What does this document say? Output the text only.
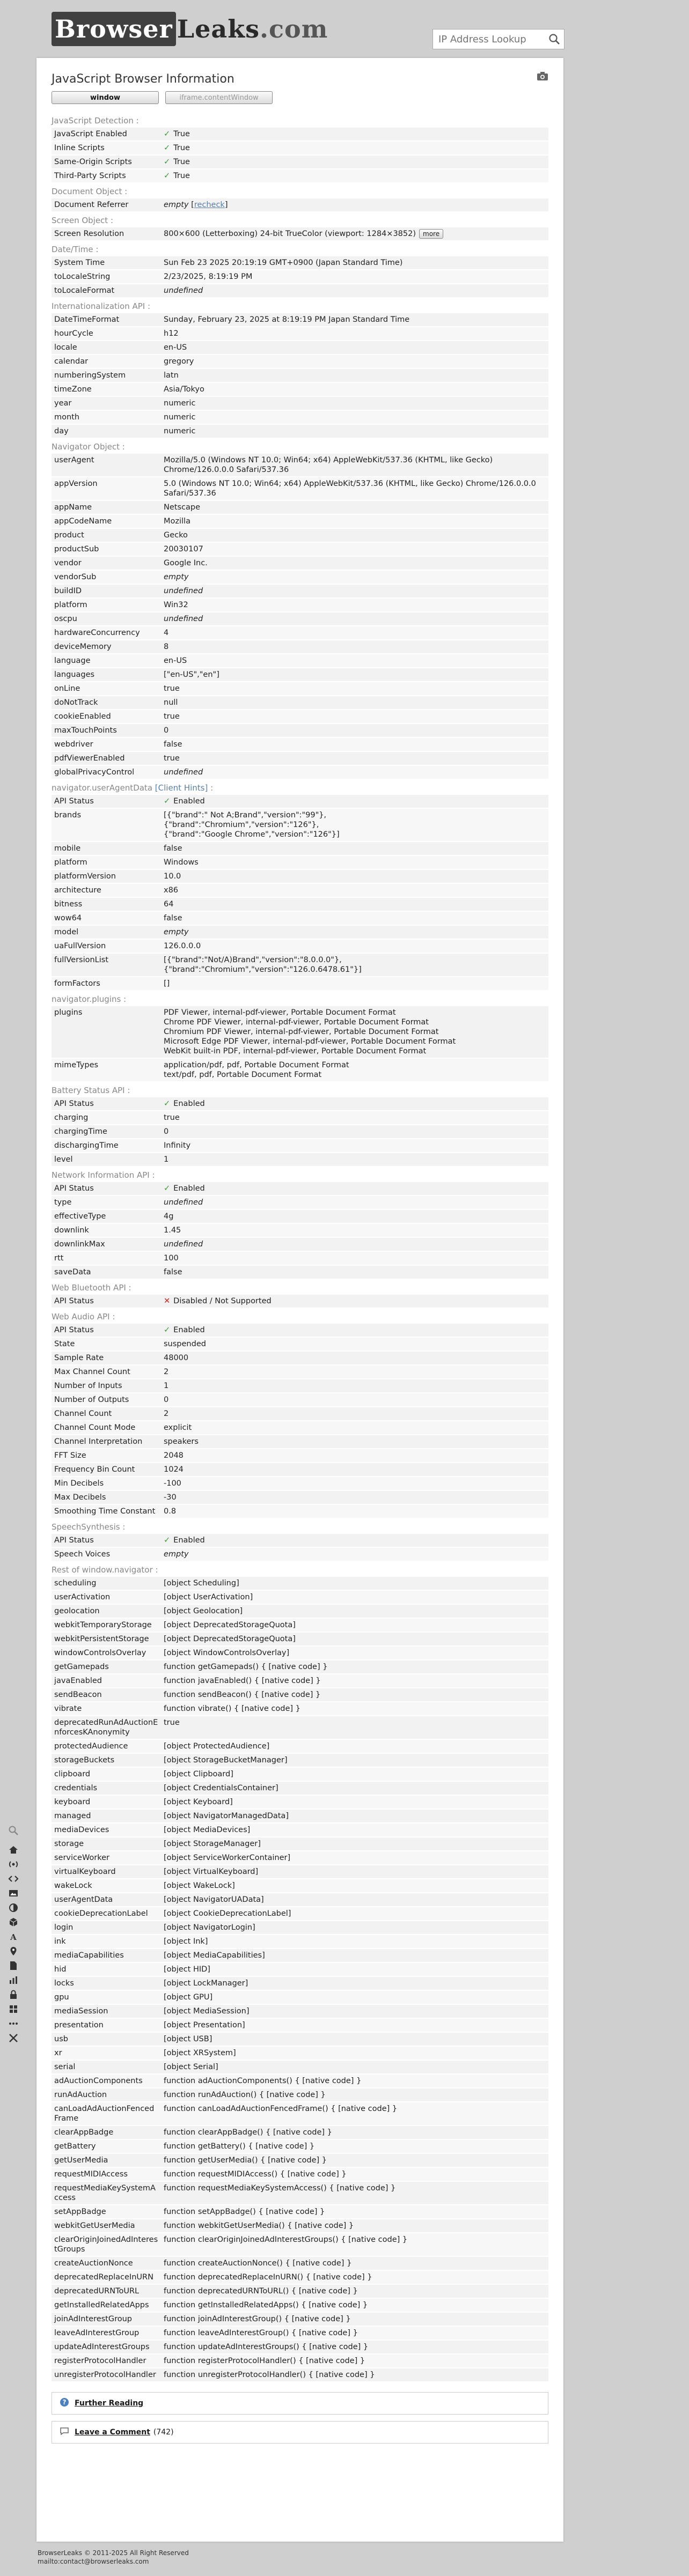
Browser Leaks.com
IP Address Lookup
JavaScript Browser Information
window	iframe.contentWindow
JavaScript Detection :
JavaScript Enabled	✓ True
Inline Scripts	✓ True
Same-Origin Scripts	✓ True
Third-Party Scripts	✓ True
Document Object :
Document Referrer	empty [recheck]
Screen Object :
Screen Resolution	800×600 (Letterboxing) 24-bit TrueColor (viewport: 1284×3852) more
Date/Time :
System Time	Sun Feb 23 2025 20:19:19 GMT+0900 (Japan Standard Time)
toLocaleString	2/23/2025, 8:19:19 PM
toLocaleFormat	undefined
Internationalization API :
DateTimeFormat	Sunday, February 23, 2025 at 8:19:19 PM Japan Standard Time
hourCycle	h12
locale	en-US
calendar	gregory
numberingSystem	latn
timeZone	Asia/Tokyo
year	numeric
month	numeric
day	numeric
Navigator Object :
userAgent	Mozilla/5.0 (Windows NT 10.0; Win64; x64) AppleWebKit/537.36 (KHTML, like Gecko) Chrome/126.0.0.0 Safari/537.36
appVersion	5.0 (Windows NT 10.0; Win64; x64) AppleWebKit/537.36 (KHTML, like Gecko) Chrome/126.0.0.0 Safari/537.36
appName	Netscape
appCodeName	Mozilla
product	Gecko
productSub	20030107
vendor	Google Inc.
vendorSub	empty
buildID	undefined
platform	Win32
oscpu	undefined
hardwareConcurrency	4
deviceMemory	8
language	en-US
languages	["en-US","en"]
onLine	true
doNotTrack	null
cookieEnabled	true
maxTouchPoints	0
webdriver	false
pdfViewerEnabled	true
globalPrivacyControl	undefined
navigator.userAgentData [Client Hints] :
API Status	✓ Enabled
brands	[{"brand":" Not A;Brand","version":"99"},
{"brand":"Chromium","version":"126"},
{"brand":"Google Chrome","version":"126"}]
mobile	false
platform	Windows
platformVersion	10.0
architecture	x86
bitness	64
wow64	false
model	empty
uaFullVersion	126.0.0.0
fullVersionList	[{"brand":"Not/A)Brand","version":"8.0.0.0"},
{"brand":"Chromium","version":"126.0.6478.61"}]
formFactors	[]
navigator.plugins :
plugins	PDF Viewer, internal-pdf-viewer, Portable Document Format
Chrome PDF Viewer, internal-pdf-viewer, Portable Document Format
Chromium PDF Viewer, internal-pdf-viewer, Portable Document Format
Microsoft Edge PDF Viewer, internal-pdf-viewer, Portable Document Format
WebKit built-in PDF, internal-pdf-viewer, Portable Document Format
mimeTypes	application/pdf, pdf, Portable Document Format
text/pdf, pdf, Portable Document Format
Battery Status API :
API Status	✓ Enabled
charging	true
chargingTime	0
dischargingTime	Infinity
level	1
Network Information API :
API Status	✓ Enabled
type	undefined
effectiveType	4g
downlink	1.45
downlinkMax	undefined
rtt	100
saveData	false
Web Bluetooth API :
API Status	✕ Disabled / Not Supported
Web Audio API :
API Status	✓ Enabled
State	suspended
Sample Rate	48000
Max Channel Count	2
Number of Inputs	1
Number of Outputs	0
Channel Count	2
Channel Count Mode	explicit
Channel Interpretation	speakers
FFT Size	2048
Frequency Bin Count	1024
Min Decibels	-100
Max Decibels	-30
Smoothing Time Constant	0.8
SpeechSynthesis :
API Status	✓ Enabled
Speech Voices	empty
Rest of window.navigator :
scheduling	[object Scheduling]
userActivation	[object UserActivation]
geolocation	[object Geolocation]
webkitTemporaryStorage	[object DeprecatedStorageQuota]
webkitPersistentStorage	[object DeprecatedStorageQuota]
windowControlsOverlay	[object WindowControlsOverlay]
getGamepads	function getGamepads() { [native code] }
javaEnabled	function javaEnabled() { [native code] }
sendBeacon	function sendBeacon() { [native code] }
vibrate	function vibrate() { [native code] }
deprecatedRunAdAuctionEnforcesKAnonymity	true
protectedAudience	[object ProtectedAudience]
storageBuckets	[object StorageBucketManager]
clipboard	[object Clipboard]
credentials	[object CredentialsContainer]
keyboard	[object Keyboard]
managed	[object NavigatorManagedData]
mediaDevices	[object MediaDevices]
storage	[object StorageManager]
serviceWorker	[object ServiceWorkerContainer]
virtualKeyboard	[object VirtualKeyboard]
wakeLock	[object WakeLock]
userAgentData	[object NavigatorUAData]
cookieDeprecationLabel	[object CookieDeprecationLabel]
login	[object NavigatorLogin]
ink	[object Ink]
mediaCapabilities	[object MediaCapabilities]
hid	[object HID]
locks	[object LockManager]
gpu	[object GPU]
mediaSession	[object MediaSession]
presentation	[object Presentation]
usb	[object USB]
xr	[object XRSystem]
serial	[object Serial]
adAuctionComponents	function adAuctionComponents() { [native code] }
runAdAuction	function runAdAuction() { [native code] }
canLoadAdAuctionFencedFrame	function canLoadAdAuctionFencedFrame() { [native code] }
clearAppBadge	function clearAppBadge() { [native code] }
getBattery	function getBattery() { [native code] }
getUserMedia	function getUserMedia() { [native code] }
requestMIDIAccess	function requestMIDIAccess() { [native code] }
requestMediaKeySystemAccess	function requestMediaKeySystemAccess() { [native code] }
setAppBadge	function setAppBadge() { [native code] }
webkitGetUserMedia	function webkitGetUserMedia() { [native code] }
clearOriginJoinedAdInterestGroups	function clearOriginJoinedAdInterestGroups() { [native code] }
createAuctionNonce	function createAuctionNonce() { [native code] }
deprecatedReplaceInURN	function deprecatedReplaceInURN() { [native code] }
deprecatedURNToURL	function deprecatedURNToURL() { [native code] }
getInstalledRelatedApps	function getInstalledRelatedApps() { [native code] }
joinAdInterestGroup	function joinAdInterestGroup() { [native code] }
leaveAdInterestGroup	function leaveAdInterestGroup() { [native code] }
updateAdInterestGroups	function updateAdInterestGroups() { [native code] }
registerProtocolHandler	function registerProtocolHandler() { [native code] }
unregisterProtocolHandler	function unregisterProtocolHandler() { [native code] }
? Further Reading
Leave a Comment (742)
BrowserLeaks © 2011-2025 All Right Reserved
mailto:contact@browserleaks.com
A
